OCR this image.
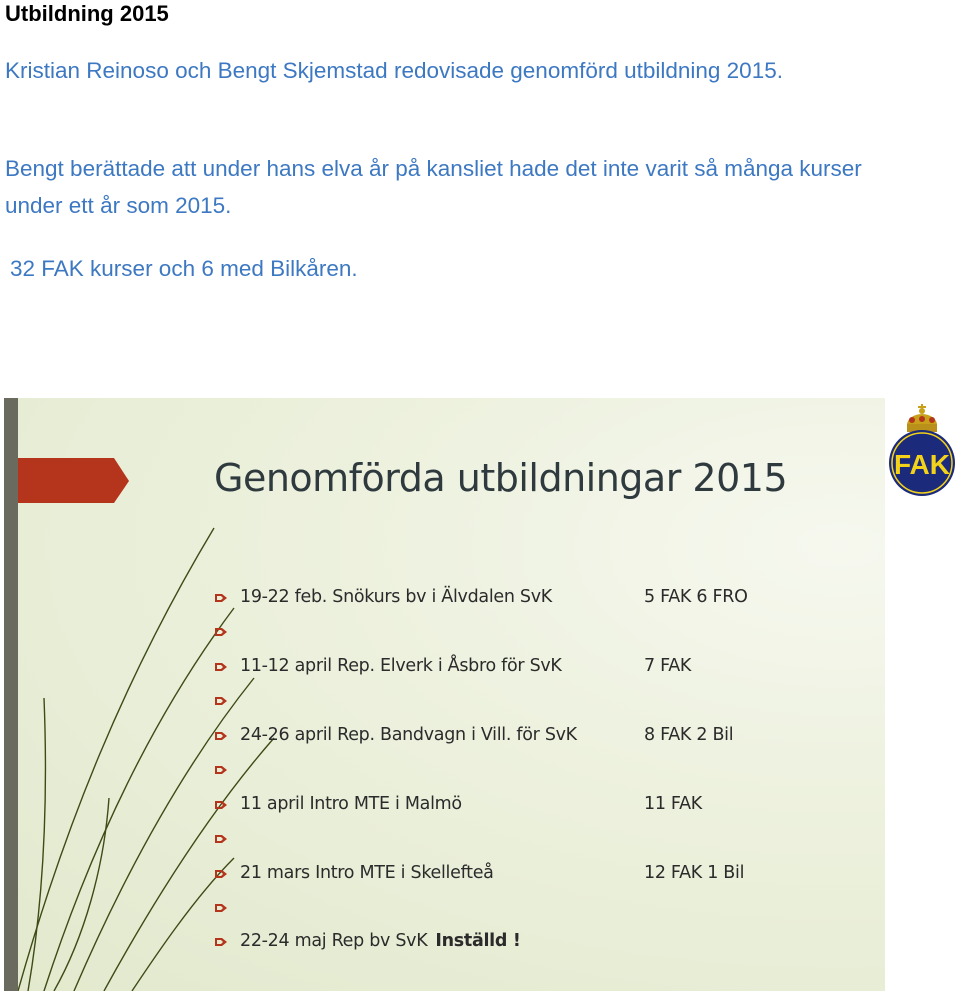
Utbildning 2015

Kristian Reinoso och Bengt Skjemstad redovisade genomförd utbildning 2015.

Bengt berättade att under hans elva år på kansliet hade det inte varit så många kurser under ett år som 2015.

32 FAK kurser och 6 med Bilkåren.

Genomförda utbildningar 2015
19-22 feb. Snökurs bv i Älvdalen SvK	5 FAK 6 FRO
11-12 april Rep. Elverk i Åsbro för SvK	7 FAK
24-26 april Rep. Bandvagn i Vill. för SvK	8 FAK 2 Bil
11 april Intro MTE i Malmö	11 FAK
21 mars Intro MTE i Skellefteå	12 FAK 1 Bil
22-24 maj Rep bv SvK Inställd !
FAK
